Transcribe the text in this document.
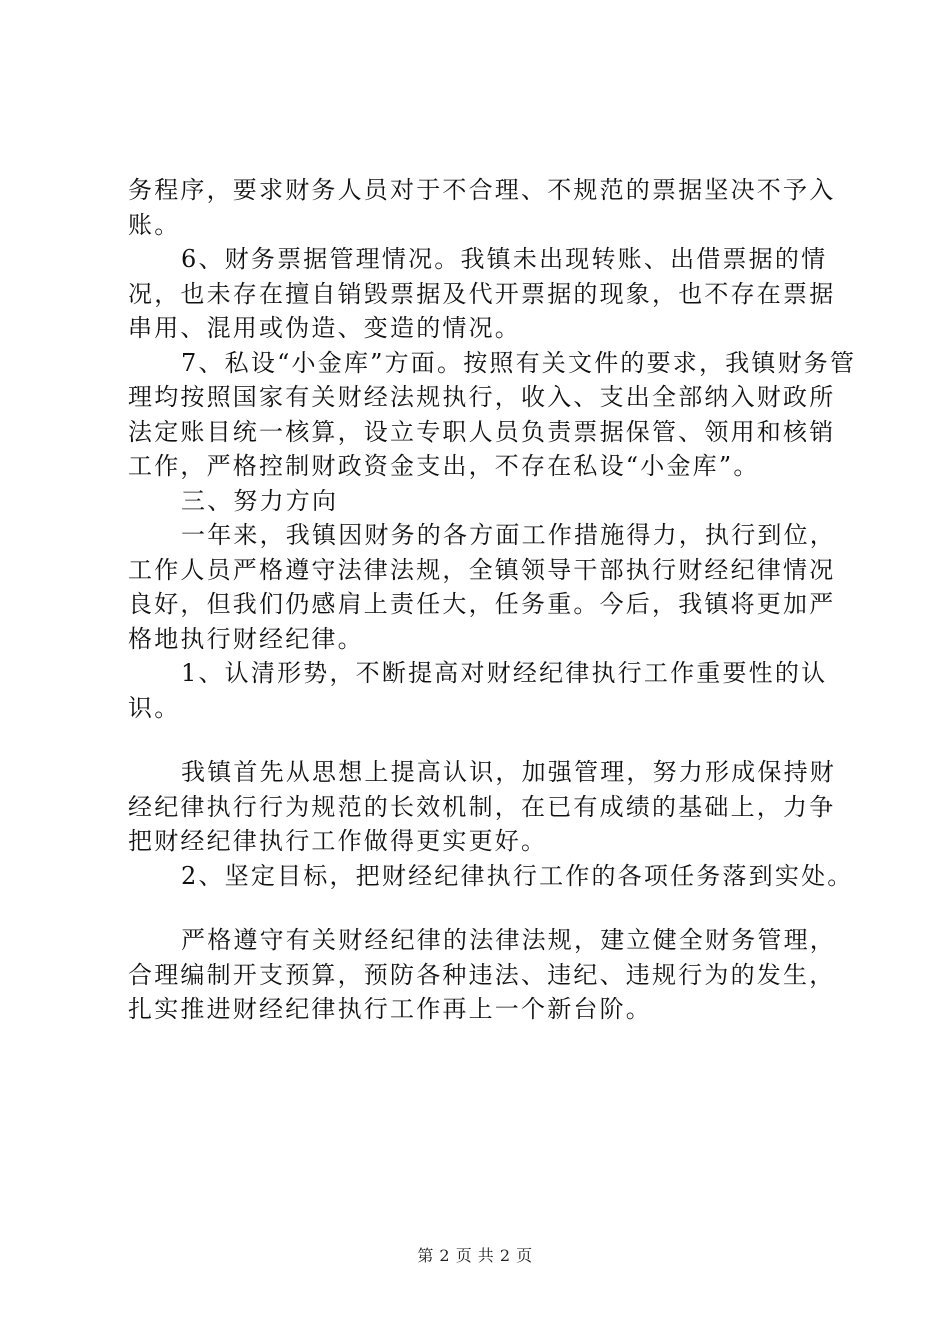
务程序，要求财务人员对于不合理、不规范的票据坚决不予入账。

6、财务票据管理情况。我镇未出现转账、出借票据的情况，也未存在擅自销毁票据及代开票据的现象，也不存在票据串用、混用或伪造、变造的情况。

7、私设“小金库”方面。按照有关文件的要求，我镇财务管理均按照国家有关财经法规执行，收入、支出全部纳入财政所法定账目统一核算，设立专职人员负责票据保管、领用和核销工作，严格控制财政资金支出，不存在私设“小金库”。

三、努力方向

一年来，我镇因财务的各方面工作措施得力，执行到位，工作人员严格遵守法律法规，全镇领导干部执行财经纪律情况良好，但我们仍感肩上责任大，任务重。今后，我镇将更加严格地执行财经纪律。

1、认清形势，不断提高对财经纪律执行工作重要性的认识。

我镇首先从思想上提高认识，加强管理，努力形成保持财经纪律执行行为规范的长效机制，在已有成绩的基础上，力争把财经纪律执行工作做得更实更好。

2、坚定目标，把财经纪律执行工作的各项任务落到实处。

严格遵守有关财经纪律的法律法规，建立健全财务管理，合理编制开支预算，预防各种违法、违纪、违规行为的发生，扎实推进财经纪律执行工作再上一个新台阶。

第 2 页 共 2 页
